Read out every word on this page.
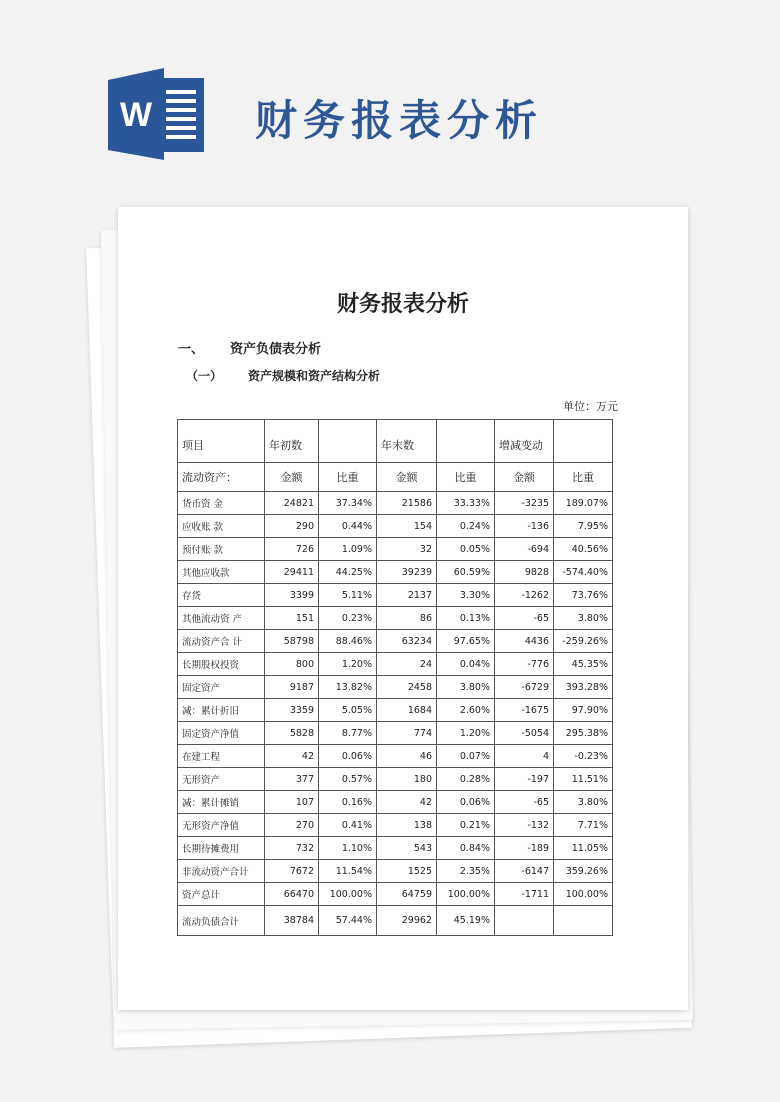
W 财务报表分析
财务报表分析
一、 资产负债表分析
（一） 资产规模和资产结构分析
单位：万元
项目	年初数		年末数		增减变动	
流动资产：	金额	比重	金额	比重	金额	比重
货币资 金	24821	37.34%	21586	33.33%	-3235	189.07%
应收账 款	290	0.44%	154	0.24%	-136	7.95%
预付账 款	726	1.09%	32	0.05%	-694	40.56%
其他应收款	29411	44.25%	39239	60.59%	9828	-574.40%
存货	3399	5.11%	2137	3.30%	-1262	73.76%
其他流动资 产	151	0.23%	86	0.13%	-65	3.80%
流动资产合 计	58798	88.46%	63234	97.65%	4436	-259.26%
长期股权投资	800	1.20%	24	0.04%	-776	45.35%
固定资产	9187	13.82%	2458	3.80%	-6729	393.28%
减：累计折旧	3359	5.05%	1684	2.60%	-1675	97.90%
固定资产净值	5828	8.77%	774	1.20%	-5054	295.38%
在建工程	42	0.06%	46	0.07%	4	-0.23%
无形资产	377	0.57%	180	0.28%	-197	11.51%
减：累计摊销	107	0.16%	42	0.06%	-65	3.80%
无形资产净值	270	0.41%	138	0.21%	-132	7.71%
长期待摊费用	732	1.10%	543	0.84%	-189	11.05%
非流动资产合计	7672	11.54%	1525	2.35%	-6147	359.26%
资产总计	66470	100.00%	64759	100.00%	-1711	100.00%
流动负债合计	38784	57.44%	29962	45.19%		
